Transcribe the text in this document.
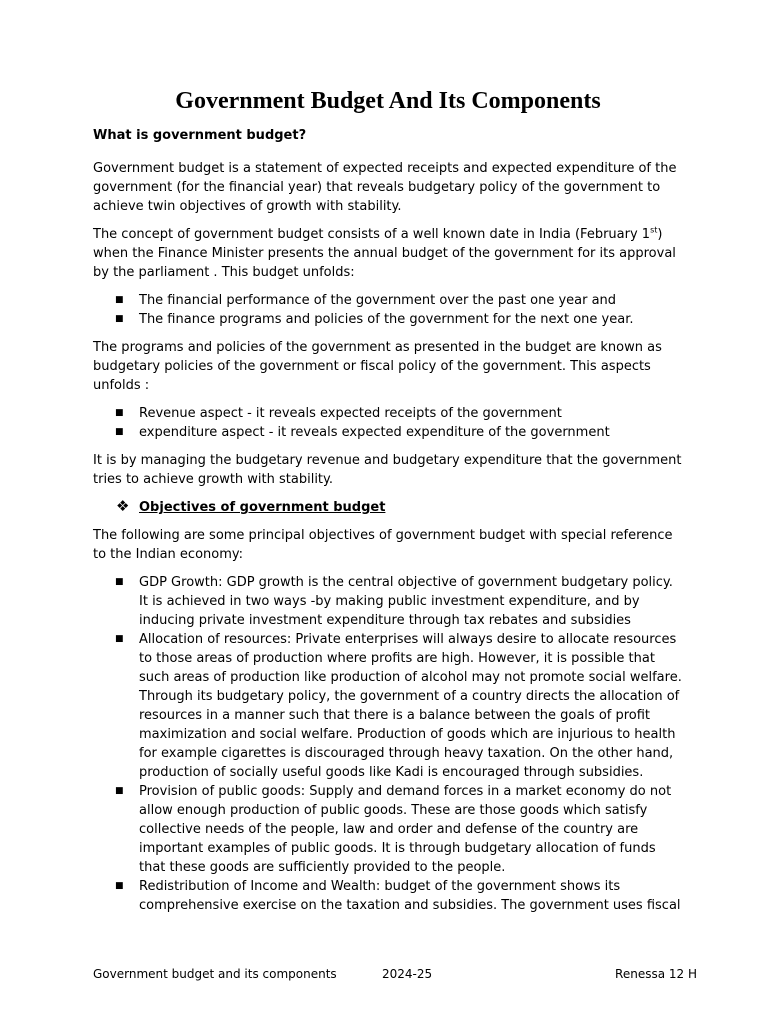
Government Budget And Its Components
What is government budget?

Government budget is a statement of expected receipts and expected expenditure of the government (for the financial year) that reveals budgetary policy of the government to achieve twin objectives of growth with stability.

The concept of government budget consists of a well known date in India (February 1st) when the Finance Minister presents the annual budget of the government for its approval by the parliament . This budget unfolds:

■ The financial performance of the government over the past one year and
■ The finance programs and policies of the government for the next one year.

The programs and policies of the government as presented in the budget are known as budgetary policies of the government or fiscal policy of the government. This aspects unfolds :

■ Revenue aspect - it reveals expected receipts of the government
■ expenditure aspect - it reveals expected expenditure of the government

It is by managing the budgetary revenue and budgetary expenditure that the government tries to achieve growth with stability.

❖ Objectives of government budget

The following are some principal objectives of government budget with special reference to the Indian economy:

■ GDP Growth: GDP growth is the central objective of government budgetary policy. It is achieved in two ways -by making public investment expenditure, and by inducing private investment expenditure through tax rebates and subsidies
■ Allocation of resources: Private enterprises will always desire to allocate resources to those areas of production where profits are high. However, it is possible that such areas of production like production of alcohol may not promote social welfare. Through its budgetary policy, the government of a country directs the allocation of resources in a manner such that there is a balance between the goals of profit maximization and social welfare. Production of goods which are injurious to health for example cigarettes is discouraged through heavy taxation. On the other hand, production of socially useful goods like Kadi is encouraged through subsidies.
■ Provision of public goods: Supply and demand forces in a market economy do not allow enough production of public goods. These are those goods which satisfy collective needs of the people, law and order and defense of the country are important examples of public goods. It is through budgetary allocation of funds that these goods are sufficiently provided to the people.
■ Redistribution of Income and Wealth: budget of the government shows its comprehensive exercise on the taxation and subsidies. The government uses fiscal
Government budget and its components	2024-25	Renessa 12 H
